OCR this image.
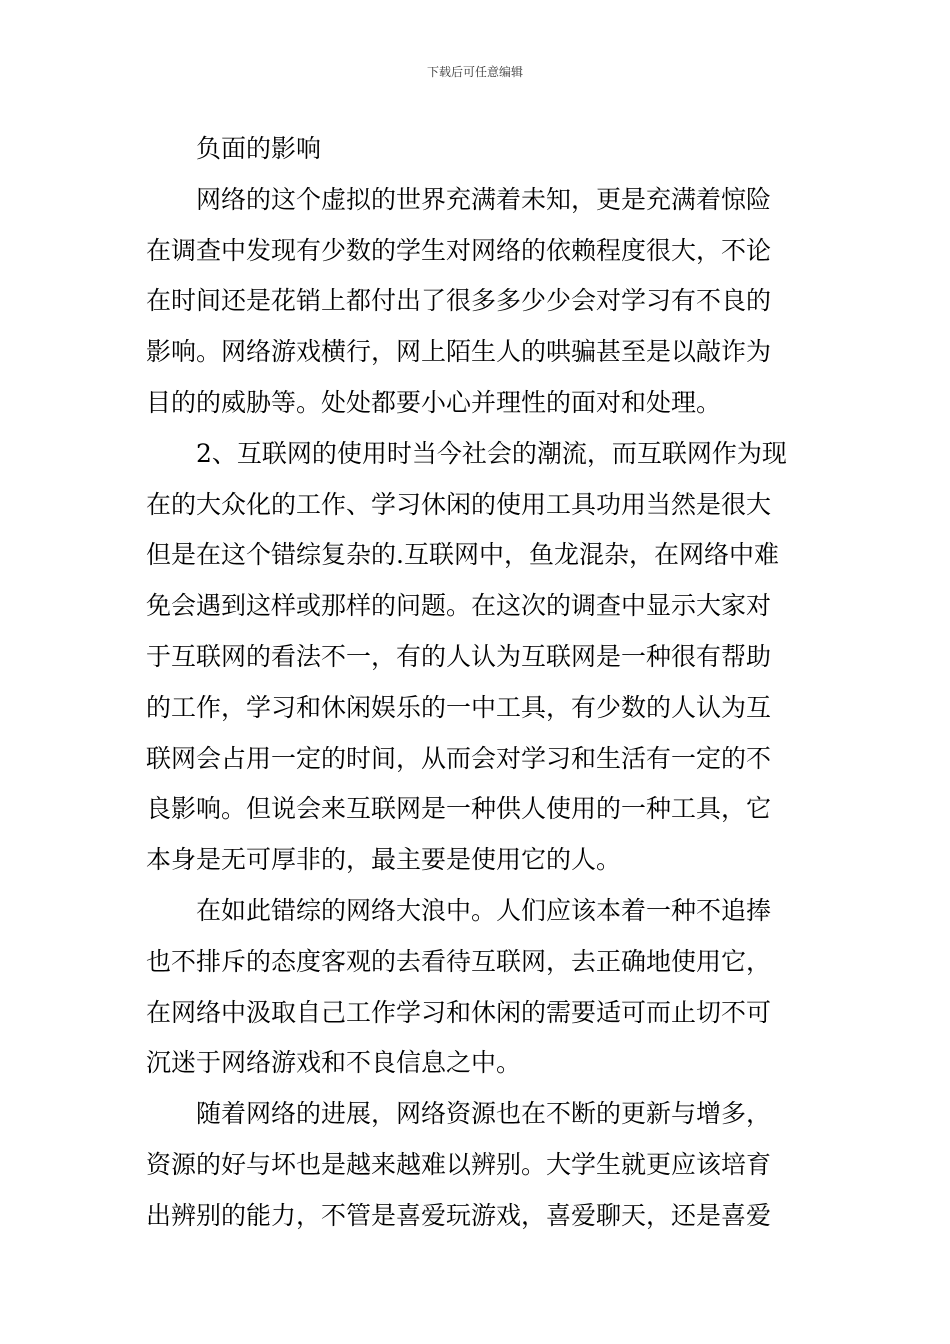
下载后可任意编辑

负面的影响

网络的这个虚拟的世界充满着未知，更是充满着惊险
在调查中发现有少数的学生对网络的依赖程度很大，不论
在时间还是花销上都付出了很多多少少会对学习有不良的
影响。网络游戏横行，网上陌生人的哄骗甚至是以敲诈为
目的的威胁等。处处都要小心并理性的面对和处理。

2、互联网的使用时当今社会的潮流，而互联网作为现
在的大众化的工作、学习休闲的使用工具功用当然是很大
但是在这个错综复杂的.互联网中，鱼龙混杂，在网络中难
免会遇到这样或那样的问题。在这次的调查中显示大家对
于互联网的看法不一，有的人认为互联网是一种很有帮助
的工作，学习和休闲娱乐的一中工具，有少数的人认为互
联网会占用一定的时间，从而会对学习和生活有一定的不
良影响。但说会来互联网是一种供人使用的一种工具，它
本身是无可厚非的，最主要是使用它的人。

在如此错综的网络大浪中。人们应该本着一种不追捧
也不排斥的态度客观的去看待互联网，去正确地使用它，
在网络中汲取自己工作学习和休闲的需要适可而止切不可
沉迷于网络游戏和不良信息之中。

随着网络的进展，网络资源也在不断的更新与增多，
资源的好与坏也是越来越难以辨别。大学生就更应该培育
出辨别的能力，不管是喜爱玩游戏，喜爱聊天，还是喜爱
